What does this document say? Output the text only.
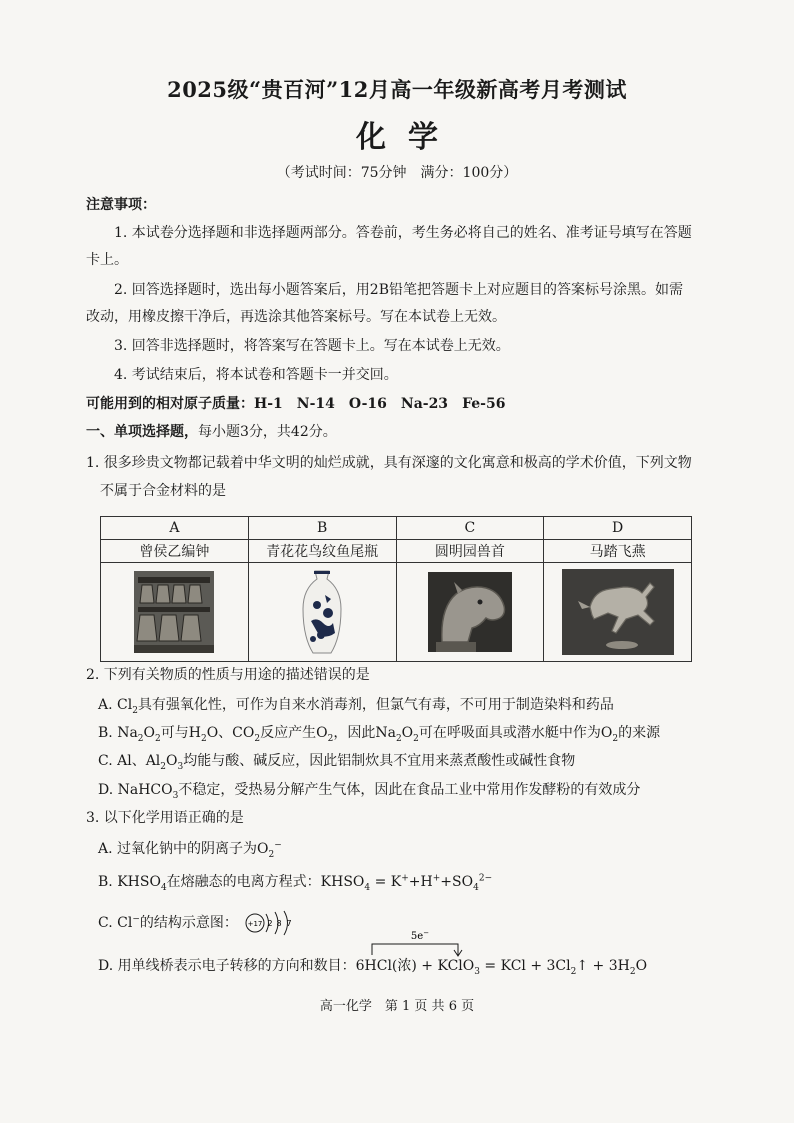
2025级“贵百河”12月高一年级新高考月考测试
化学
（考试时间：75分钟　满分：100分）
注意事项：
1. 本试卷分选择题和非选择题两部分。答卷前，考生务必将自己的姓名、准考证号填写在答题
卡上。
2. 回答选择题时，选出每小题答案后，用2B铅笔把答题卡上对应题目的答案标号涂黑。如需
改动，用橡皮擦干净后，再选涂其他答案标号。写在本试卷上无效。
3. 回答非选择题时，将答案写在答题卡上。写在本试卷上无效。
4. 考试结束后，将本试卷和答题卡一并交回。
可能用到的相对原子质量：H-1 N-14 O-16 Na-23 Fe-56
一、单项选择题，每小题3分，共42分。
1. 很多珍贵文物都记载着中华文明的灿烂成就，具有深邃的文化寓意和极高的学术价值，下列文物
不属于合金材料的是
A	B	C	D
曾侯乙编钟	青花花鸟纹鱼尾瓶	圆明园兽首	马踏飞燕

2. 下列有关物质的性质与用途的描述错误的是
A. $Cl_2$具有强氧化性，可作为自来水消毒剂，但氯气有毒，不可用于制造染料和药品
B. $Na_2O_2$可与$H_2O$、$CO_2$反应产生$O_2$，因此$Na_2O_2$可在呼吸面具或潜水艇中作为$O_2$的来源
C. Al、$Al_2O_3$均能与酸、碱反应，因此铝制炊具不宜用来蒸煮酸性或碱性食物
D. NaHCO$_3$不稳定，受热易分解产生气体，因此在食品工业中常用作发酵粉的有效成分
3. 以下化学用语正确的是
A. 过氧化钠中的阴离子为$O_2^-$
B. $KHSO_4$在熔融态的电离方程式：$KHSO_4 = K^++H^++SO_4^{2-}$
C. Cl−的结构示意图： +17 2 8 7
5e−
D. 用单线桥表示电子转移的方向和数目：6HCl(浓) + KClO$_3$ = KCl + $3Cl_2↑ + 3H_2O$
高一化学　第 1 页 共 6 页
